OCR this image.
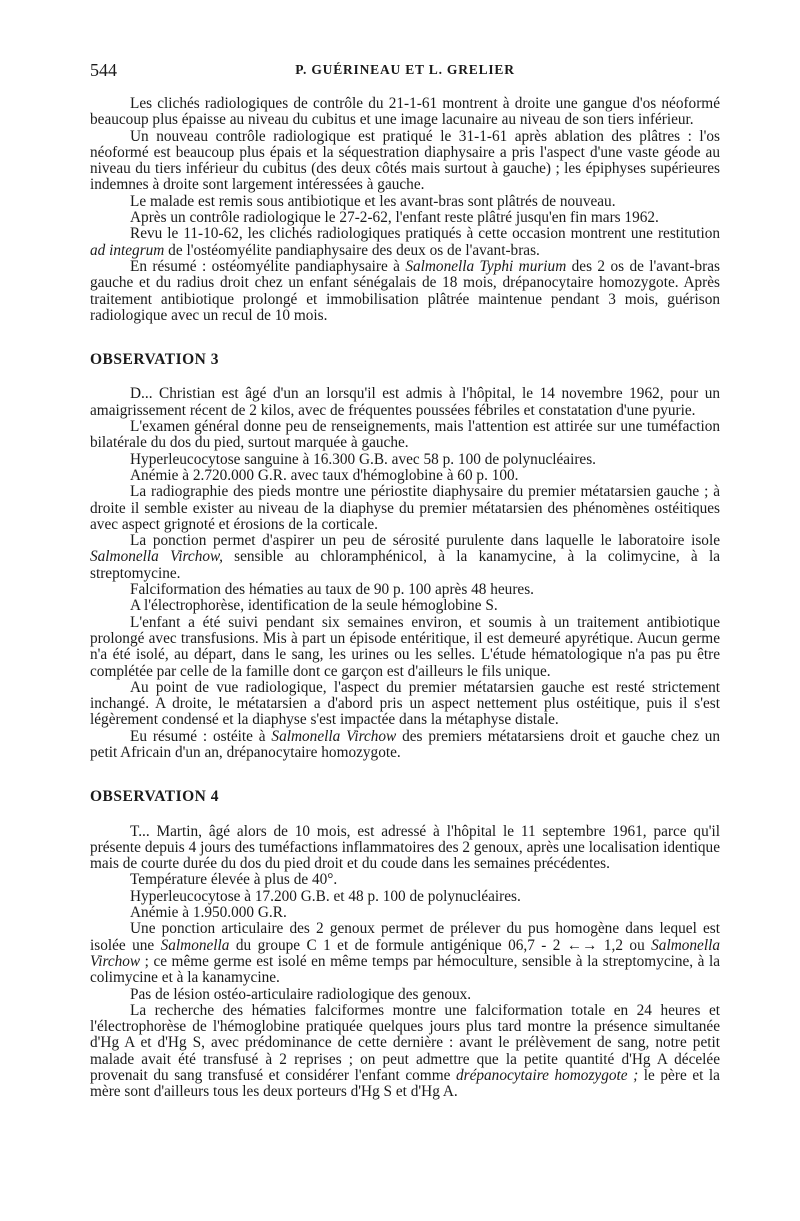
544	P. GUÉRINEAU ET L. GRELIER

Les clichés radiologiques de contrôle du 21-1-61 montrent à droite une gangue d'os néoformé beaucoup plus épaisse au niveau du cubitus et une image lacunaire au niveau de son tiers inférieur.

Un nouveau contrôle radiologique est pratiqué le 31-1-61 après ablation des plâtres : l'os néoformé est beaucoup plus épais et la séquestration diaphysaire a pris l'aspect d'une vaste géode au niveau du tiers inférieur du cubitus (des deux côtés mais surtout à gauche) ; les épiphyses supérieures indemnes à droite sont largement intéressées à gauche.

Le malade est remis sous antibiotique et les avant-bras sont plâtrés de nouveau.

Après un contrôle radiologique le 27-2-62, l'enfant reste plâtré jusqu'en fin mars 1962.

Revu le 11-10-62, les clichés radiologiques pratiqués à cette occasion montrent une restitution ad integrum de l'ostéomyélite pandiaphysaire des deux os de l'avant-bras.

En résumé : ostéomyélite pandiaphysaire à Salmonella Typhi murium des 2 os de l'avant-bras gauche et du radius droit chez un enfant sénégalais de 18 mois, drépanocytaire homozygote. Après traitement antibiotique prolongé et immobilisation plâtrée maintenue pendant 3 mois, guérison radiologique avec un recul de 10 mois.

OBSERVATION 3

D... Christian est âgé d'un an lorsqu'il est admis à l'hôpital, le 14 novembre 1962, pour un amaigrissement récent de 2 kilos, avec de fréquentes poussées fébriles et constatation d'une pyurie.

L'examen général donne peu de renseignements, mais l'attention est attirée sur une tuméfaction bilatérale du dos du pied, surtout marquée à gauche.

Hyperleucocytose sanguine à 16.300 G.B. avec 58 p. 100 de polynucléaires.

Anémie à 2.720.000 G.R. avec taux d'hémoglobine à 60 p. 100.

La radiographie des pieds montre une périostite diaphysaire du premier métatarsien gauche ; à droite il semble exister au niveau de la diaphyse du premier métatarsien des phénomènes ostéitiques avec aspect grignoté et érosions de la corticale.

La ponction permet d'aspirer un peu de sérosité purulente dans laquelle le laboratoire isole Salmonella Virchow, sensible au chloramphénicol, à la kanamycine, à la colimycine, à la streptomycine.

Falciformation des hématies au taux de 90 p. 100 après 48 heures.

A l'électrophorèse, identification de la seule hémoglobine S.

L'enfant a été suivi pendant six semaines environ, et soumis à un traitement antibiotique prolongé avec transfusions. Mis à part un épisode entéritique, il est demeuré apyrétique. Aucun germe n'a été isolé, au départ, dans le sang, les urines ou les selles. L'étude hématologique n'a pas pu être complétée par celle de la famille dont ce garçon est d'ailleurs le fils unique.

Au point de vue radiologique, l'aspect du premier métatarsien gauche est resté strictement inchangé. A droite, le métatarsien a d'abord pris un aspect nettement plus ostéitique, puis il s'est légèrement condensé et la diaphyse s'est impactée dans la métaphyse distale.

Eu résumé : ostéite à Salmonella Virchow des premiers métatarsiens droit et gauche chez un petit Africain d'un an, drépanocytaire homozygote.

OBSERVATION 4

T... Martin, âgé alors de 10 mois, est adressé à l'hôpital le 11 septembre 1961, parce qu'il présente depuis 4 jours des tuméfactions inflammatoires des 2 genoux, après une localisation identique mais de courte durée du dos du pied droit et du coude dans les semaines précédentes.

Température élevée à plus de 40°.

Hyperleucocytose à 17.200 G.B. et 48 p. 100 de polynucléaires.

Anémie à 1.950.000 G.R.

Une ponction articulaire des 2 genoux permet de prélever du pus homogène dans lequel est isolée une Salmonella du groupe C 1 et de formule antigénique 06,7 - 2 ←→ 1,2 ou Salmonella Virchow ; ce même germe est isolé en même temps par hémoculture, sensible à la streptomycine, à la colimycine et à la kanamycine.

Pas de lésion ostéo-articulaire radiologique des genoux.

La recherche des hématies falciformes montre une falciformation totale en 24 heures et l'électrophorèse de l'hémoglobine pratiquée quelques jours plus tard montre la présence simultanée d'Hg A et d'Hg S, avec prédominance de cette dernière : avant le prélèvement de sang, notre petit malade avait été transfusé à 2 reprises ; on peut admettre que la petite quantité d'Hg A décelée provenait du sang transfusé et considérer l'enfant comme drépanocytaire homozygote ; le père et la mère sont d'ailleurs tous les deux porteurs d'Hg S et d'Hg A.
